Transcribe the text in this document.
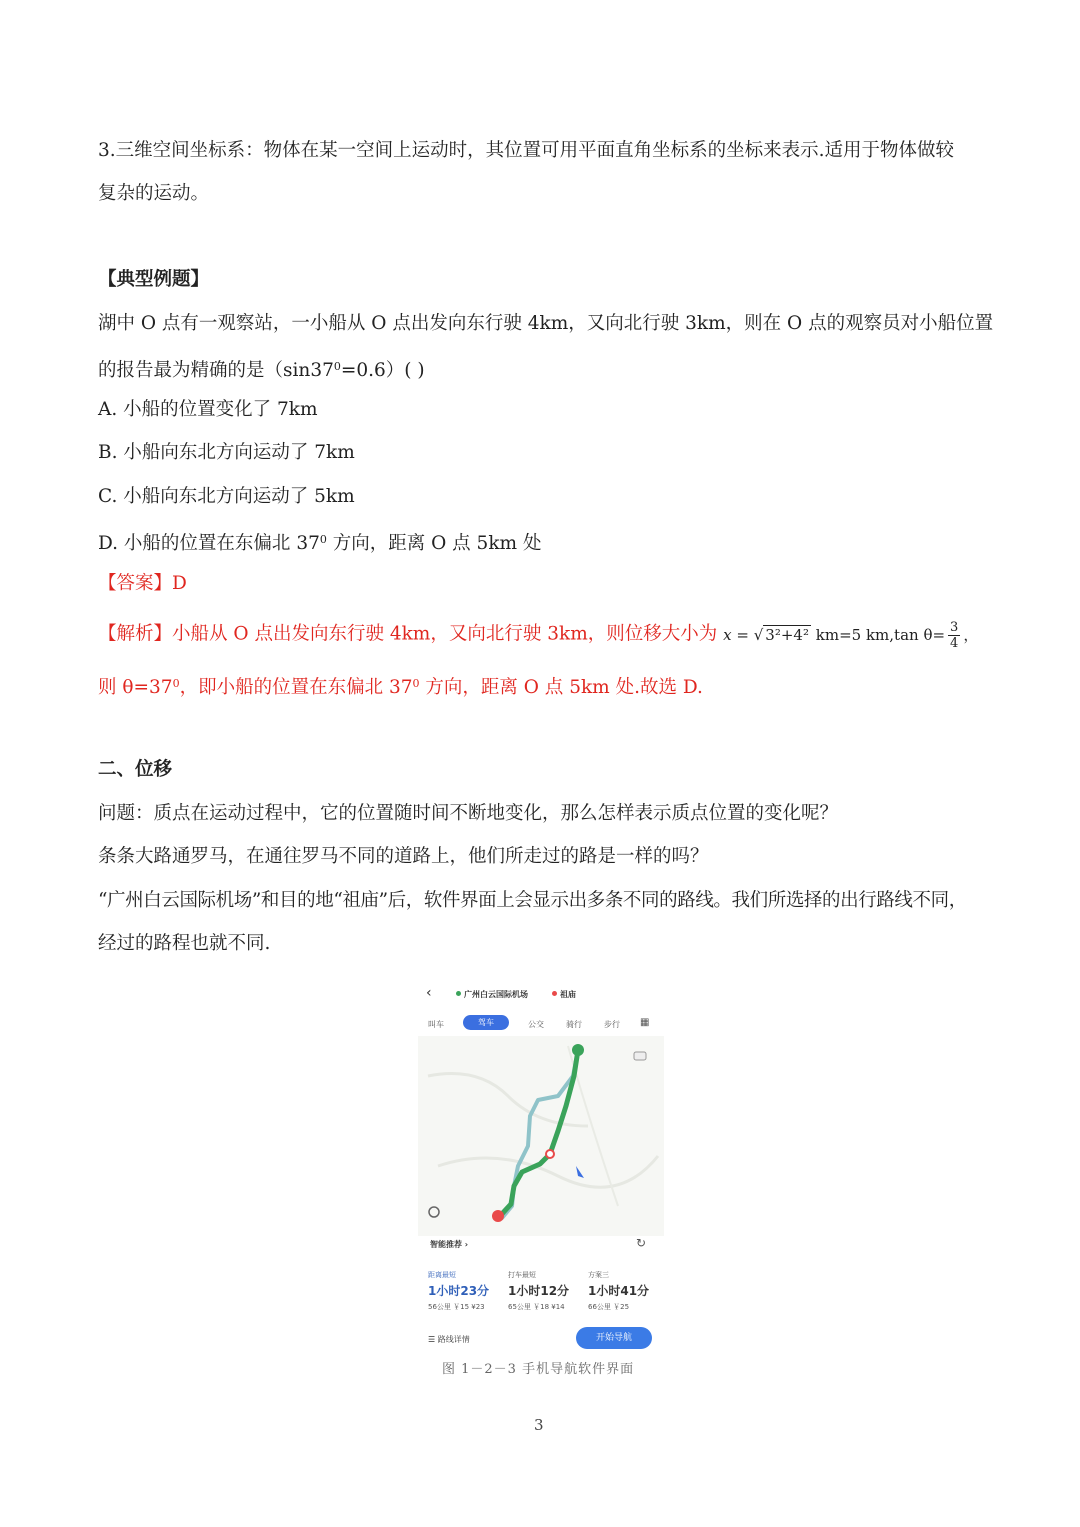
3.三维空间坐标系：物体在某一空间上运动时，其位置可用平面直角坐标系的坐标来表示.适用于物体做较
复杂的运动。
【典型例题】
湖中 O 点有一观察站，一小船从 O 点出发向东行驶 4km，又向北行驶 3km，则在 O 点的观察员对小船位置
的报告最为精确的是$(\sin 37^0=0.6)$( )
A. 小船的位置变化了 7km
B. 小船向东北方向运动了 7km
C. 小船向东北方向运动了 5km
D. 小船的位置在东偏北 $37^0$ 方向，距离 O 点 5km 处
【答案】D
【解析】小船从 O 点出发向东行驶 4km，又向北行驶 3km，则位移大小为 x = √ 3²+4² km=5 km,tan $\theta= \frac{3}{4}$ ，
则 $\theta=37^0$，即小船的位置在东偏北 $37^0$ 方向，距离 O 点 5km 处.故选 D.
二、位移
问题：质点在运动过程中，它的位置随时间不断地变化，那么怎样表示质点位置的变化呢？
条条大路通罗马，在通往罗马不同的道路上，他们所走过的路是一样的吗？
“广州白云国际机场”和目的地“祖庙”后，软件界面上会显示出多条不同的路线。我们所选择的出行路线不同，
经过的路程也就不同.
‹	广州白云国际机场	祖庙
叫车	驾车	公交	骑行	步行 ▦
智能推荐 ›	↻
距离最短
1小时23分
56公里 ￥15 ¥23
打车最短
1小时12分
65公里 ￥18 ¥14
方案三
1小时41分
66公里 ￥25
☰ 路线详情	开始导航
图 1－2－3 手机导航软件界面
3
